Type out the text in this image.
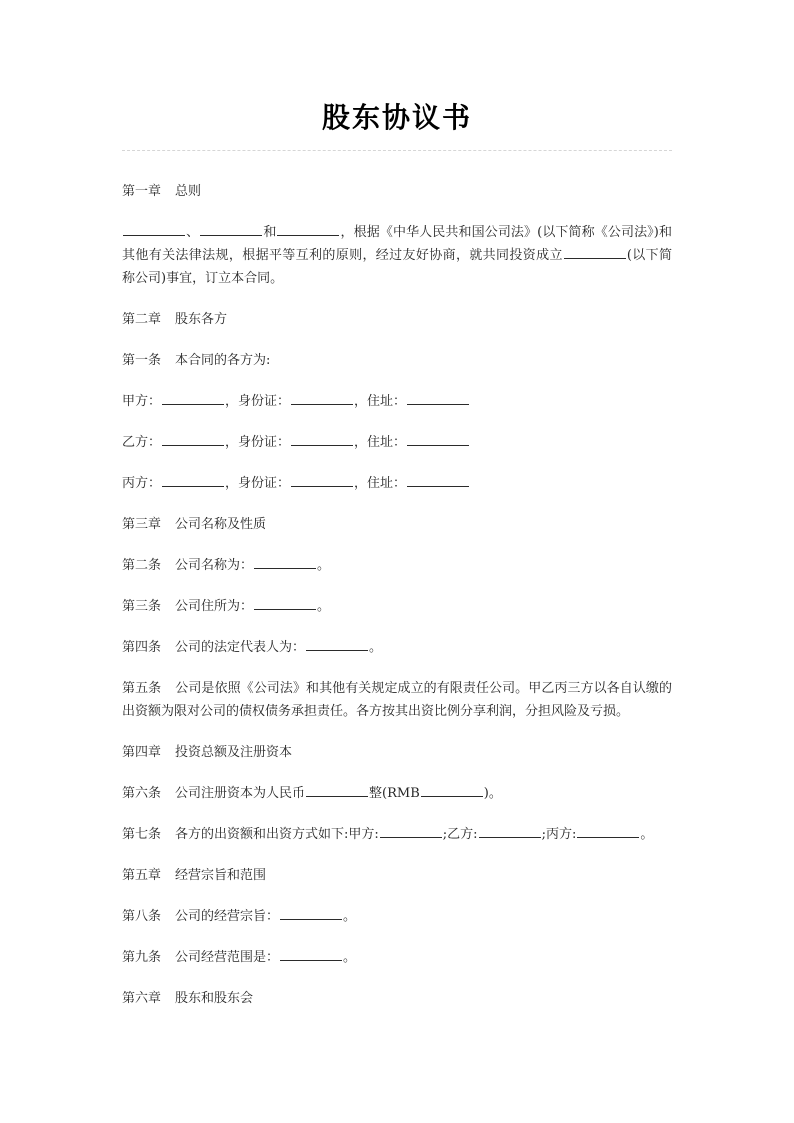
股东协议书

第一章 总则

、	和	，根据《中华人民共和国公司法》(以下简称《公司法》)和其他有关法律法规，根据平等互利的原则，经过友好协商，就共同投资成立	(以下简称公司)事宜，订立本合同。

第二章 股东各方

第一条 本合同的各方为:

甲方：	，身份证：	，住址：

乙方：	，身份证：	，住址：

丙方：	，身份证：	，住址：

第三章 公司名称及性质

第二条 公司名称为：	。

第三条 公司住所为：	。

第四条 公司的法定代表人为：	。

第五条 公司是依照《公司法》和其他有关规定成立的有限责任公司。甲乙丙三方以各自认缴的出资额为限对公司的债权债务承担责任。各方按其出资比例分享利润，分担风险及亏损。

第四章 投资总额及注册资本

第六条 公司注册资本为人民币	整(RMB	)。

第七条 各方的出资额和出资方式如下:甲方:	;乙方:	;丙方:	。

第五章 经营宗旨和范围

第八条 公司的经营宗旨：	。

第九条 公司经营范围是：	。

第六章 股东和股东会
